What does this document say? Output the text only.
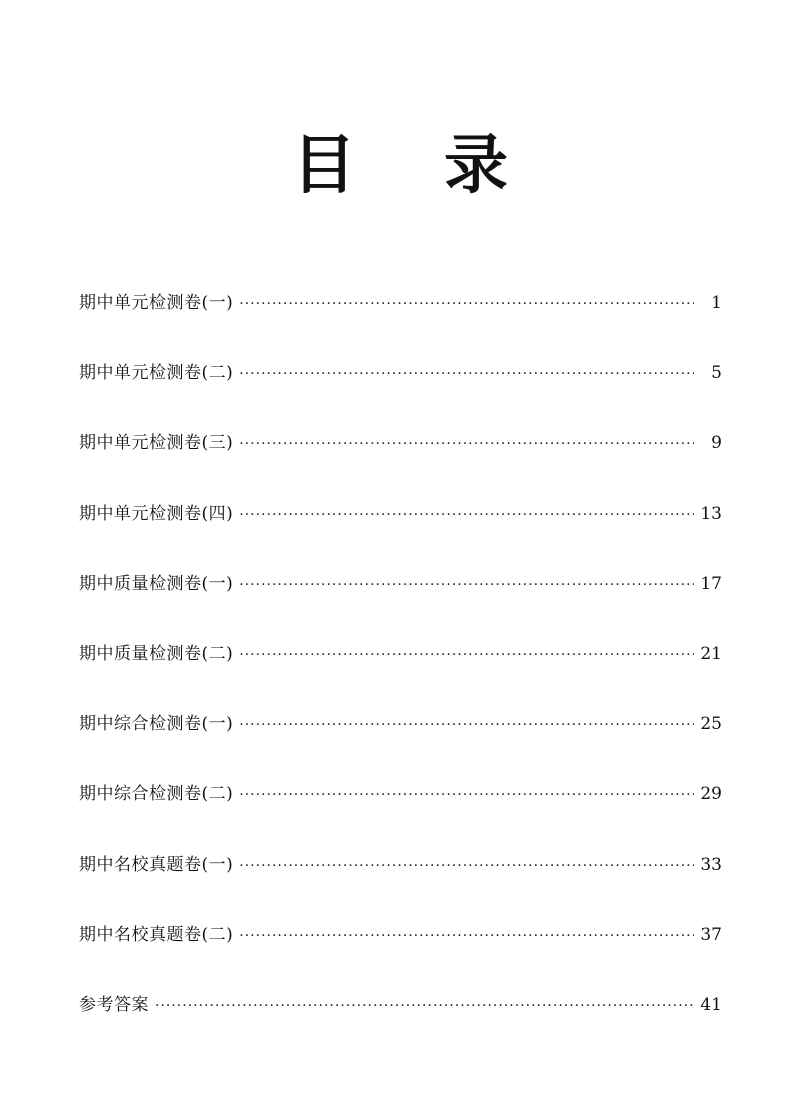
目 录
期中单元检测卷(一) ·····	1
期中单元检测卷(二) ·····	5
期中单元检测卷(三) ·····	9
期中单元检测卷(四) ·····	13
期中质量检测卷(一) ·····	17
期中质量检测卷(二) ·····	21
期中综合检测卷(一) ·····	25
期中综合检测卷(二) ·····	29
期中名校真题卷(一) ·····	33
期中名校真题卷(二) ·····	37
参考答案 ·····	41
